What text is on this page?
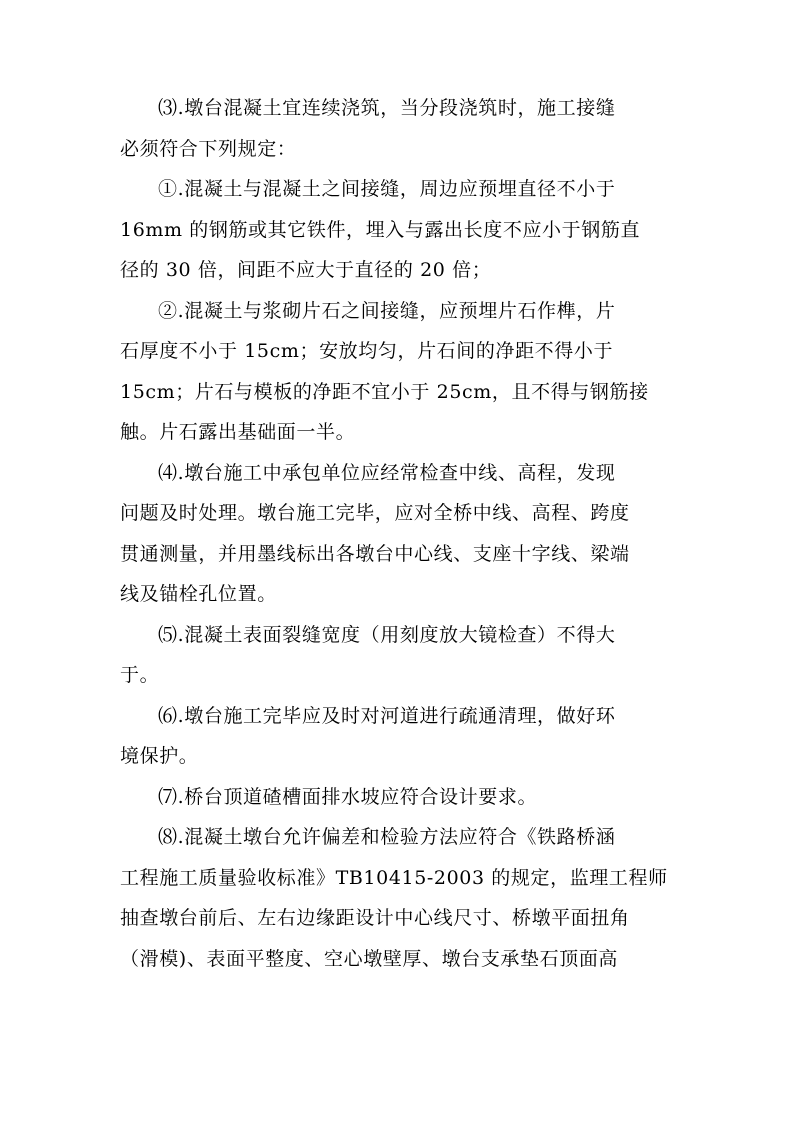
⑶.墩台混凝土宜连续浇筑，当分段浇筑时，施工接缝
必须符合下列规定：

①.混凝土与混凝土之间接缝，周边应预埋直径不小于
16mm 的钢筋或其它铁件，埋入与露出长度不应小于钢筋直
径的 30 倍，间距不应大于直径的 20 倍；

②.混凝土与浆砌片石之间接缝，应预埋片石作榫，片
石厚度不小于 15cm；安放均匀，片石间的净距不得小于
15cm；片石与模板的净距不宜小于 25cm，且不得与钢筋接
触。片石露出基础面一半。

⑷.墩台施工中承包单位应经常检查中线、高程，发现
问题及时处理。墩台施工完毕，应对全桥中线、高程、跨度
贯通测量，并用墨线标出各墩台中心线、支座十字线、梁端
线及锚栓孔位置。

⑸.混凝土表面裂缝宽度（用刻度放大镜检查）不得大
于。

⑹.墩台施工完毕应及时对河道进行疏通清理，做好环
境保护。

⑺.桥台顶道碴槽面排水坡应符合设计要求。

⑻.混凝土墩台允许偏差和检验方法应符合《铁路桥涵
工程施工质量验收标准》TB10415-2003 的规定，监理工程师
抽查墩台前后、左右边缘距设计中心线尺寸、桥墩平面扭角
（滑模)、表面平整度、空心墩壁厚、墩台支承垫石顶面高
